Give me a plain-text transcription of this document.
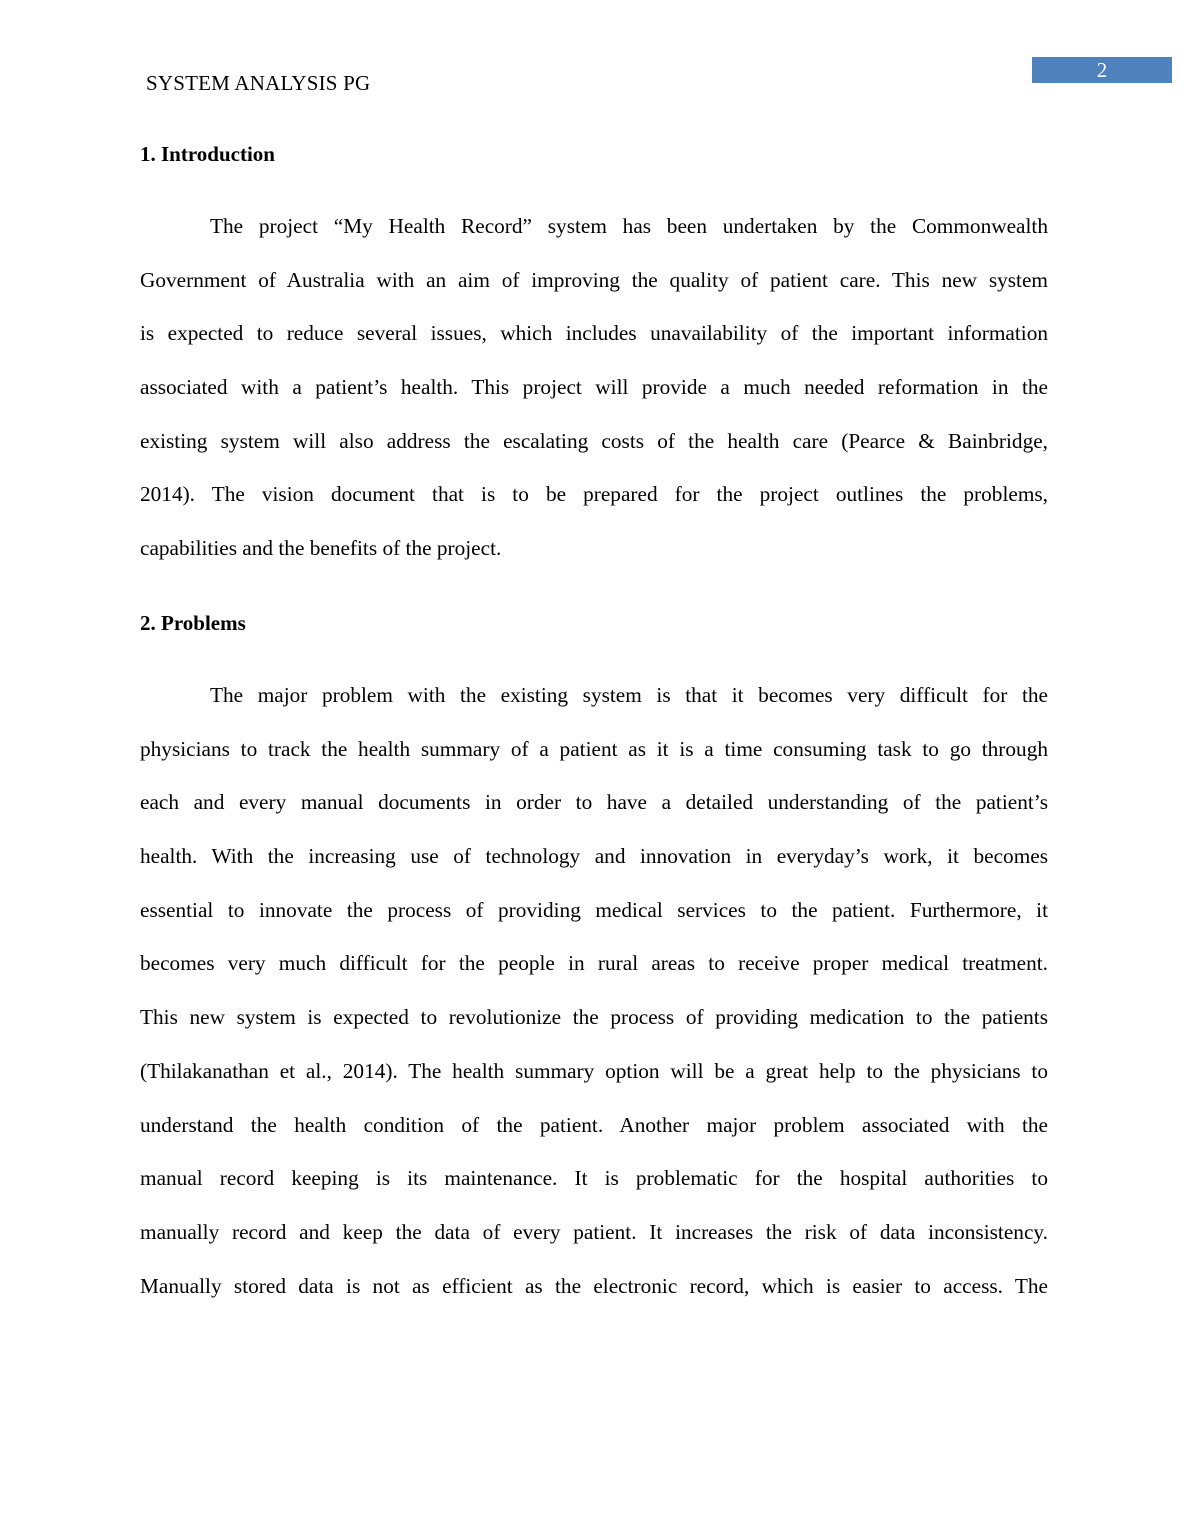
SYSTEM ANALYSIS PG
2
1. Introduction
The project “My Health Record” system has been undertaken by the Commonwealth
Government of Australia with an aim of improving the quality of patient care. This new system
is expected to reduce several issues, which includes unavailability of the important information
associated with a patient’s health. This project will provide a much needed reformation in the
existing system will also address the escalating costs of the health care (Pearce & Bainbridge,
2014). The vision document that is to be prepared for the project outlines the problems,
capabilities and the benefits of the project.
2. Problems
The major problem with the existing system is that it becomes very difficult for the
physicians to track the health summary of a patient as it is a time consuming task to go through
each and every manual documents in order to have a detailed understanding of the patient’s
health. With the increasing use of technology and innovation in everyday’s work, it becomes
essential to innovate the process of providing medical services to the patient. Furthermore, it
becomes very much difficult for the people in rural areas to receive proper medical treatment.
This new system is expected to revolutionize the process of providing medication to the patients
(Thilakanathan et al., 2014). The health summary option will be a great help to the physicians to
understand the health condition of the patient. Another major problem associated with the
manual record keeping is its maintenance. It is problematic for the hospital authorities to
manually record and keep the data of every patient. It increases the risk of data inconsistency.
Manually stored data is not as efficient as the electronic record, which is easier to access. The
